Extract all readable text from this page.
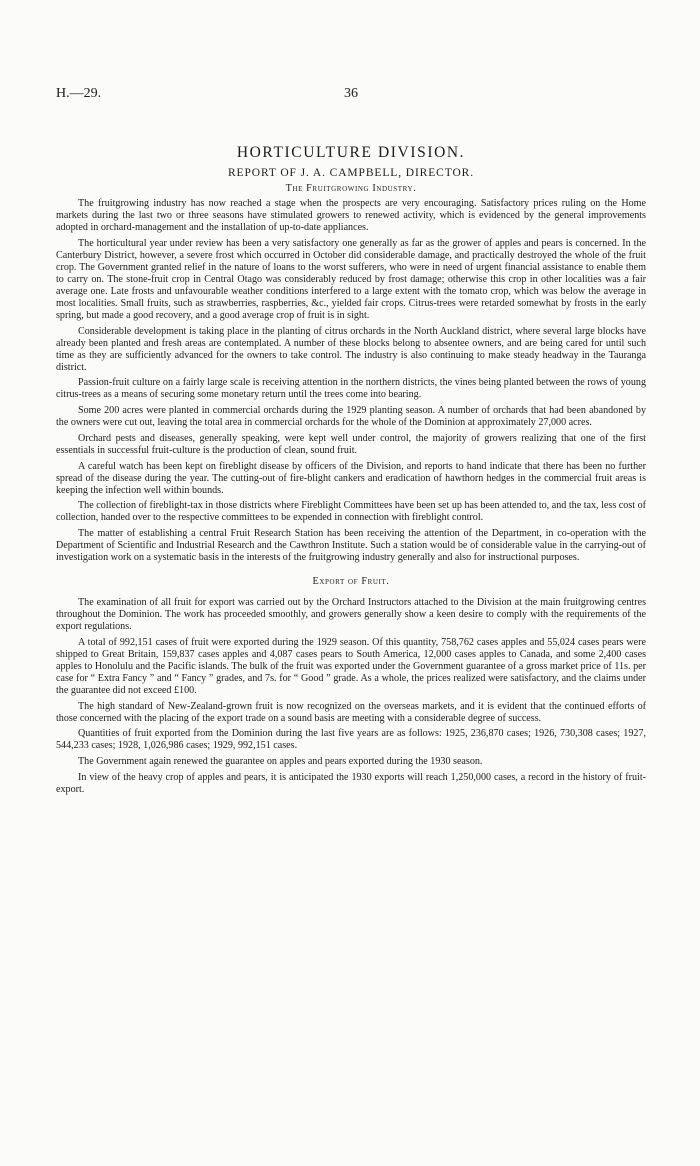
H.—29.	36
HORTICULTURE DIVISION.
REPORT OF J. A. CAMPBELL, DIRECTOR.
The Fruitgrowing Industry.

The fruitgrowing industry has now reached a stage when the prospects are very encouraging. Satisfactory prices ruling on the Home markets during the last two or three seasons have stimulated growers to renewed activity, which is evidenced by the general improvements adopted in orchard-management and the installation of up-to-date appliances.

The horticultural year under review has been a very satisfactory one generally as far as the grower of apples and pears is concerned. In the Canterbury District, however, a severe frost which occurred in October did considerable damage, and practically destroyed the whole of the fruit crop. The Government granted relief in the nature of loans to the worst sufferers, who were in need of urgent financial assistance to enable them to carry on. The stone-fruit crop in Central Otago was considerably reduced by frost damage; otherwise this crop in other localities was a fair average one. Late frosts and unfavourable weather conditions interfered to a large extent with the tomato crop, which was below the average in most localities. Small fruits, such as strawberries, raspberries, &c., yielded fair crops. Citrus-trees were retarded somewhat by frosts in the early spring, but made a good recovery, and a good average crop of fruit is in sight.

Considerable development is taking place in the planting of citrus orchards in the North Auckland district, where several large blocks have already been planted and fresh areas are contemplated. A number of these blocks belong to absentee owners, and are being cared for until such time as they are sufficiently advanced for the owners to take control. The industry is also continuing to make steady headway in the Tauranga district.

Passion-fruit culture on a fairly large scale is receiving attention in the northern districts, the vines being planted between the rows of young citrus-trees as a means of securing some monetary return until the trees come into bearing.

Some 200 acres were planted in commercial orchards during the 1929 planting season. A number of orchards that had been abandoned by the owners were cut out, leaving the total area in commercial orchards for the whole of the Dominion at approximately 27,000 acres.

Orchard pests and diseases, generally speaking, were kept well under control, the majority of growers realizing that one of the first essentials in successful fruit-culture is the production of clean, sound fruit.

A careful watch has been kept on fireblight disease by officers of the Division, and reports to hand indicate that there has been no further spread of the disease during the year. The cutting-out of fire-blight cankers and eradication of hawthorn hedges in the commercial fruit areas is keeping the infection well within bounds.

The collection of fireblight-tax in those districts where Fireblight Committees have been set up has been attended to, and the tax, less cost of collection, handed over to the respective committees to be expended in connection with fireblight control.

The matter of establishing a central Fruit Research Station has been receiving the attention of the Department, in co-operation with the Department of Scientific and Industrial Research and the Cawthron Institute. Such a station would be of considerable value in the carrying-out of investigation work on a systematic basis in the interests of the fruitgrowing industry generally and also for instructional purposes.

Export of Fruit.

The examination of all fruit for export was carried out by the Orchard Instructors attached to the Division at the main fruitgrowing centres throughout the Dominion. The work has proceeded smoothly, and growers generally show a keen desire to comply with the requirements of the export regulations.

A total of 992,151 cases of fruit were exported during the 1929 season. Of this quantity, 758,762 cases apples and 55,024 cases pears were shipped to Great Britain, 159,837 cases apples and 4,087 cases pears to South America, 12,000 cases apples to Canada, and some 2,400 cases apples to Honolulu and the Pacific islands. The bulk of the fruit was exported under the Government guarantee of a gross market price of 11s. per case for “ Extra Fancy ” and “ Fancy ” grades, and 7s. for “ Good ” grade. As a whole, the prices realized were satisfactory, and the claims under the guarantee did not exceed £100.

The high standard of New-Zealand-grown fruit is now recognized on the overseas markets, and it is evident that the continued efforts of those concerned with the placing of the export trade on a sound basis are meeting with a considerable degree of success.

Quantities of fruit exported from the Dominion during the last five years are as follows: 1925, 236,870 cases; 1926, 730,308 cases; 1927, 544,233 cases; 1928, 1,026,986 cases; 1929, 992,151 cases.

The Government again renewed the guarantee on apples and pears exported during the 1930 season.

In view of the heavy crop of apples and pears, it is anticipated the 1930 exports will reach 1,250,000 cases, a record in the history of fruit-export.
